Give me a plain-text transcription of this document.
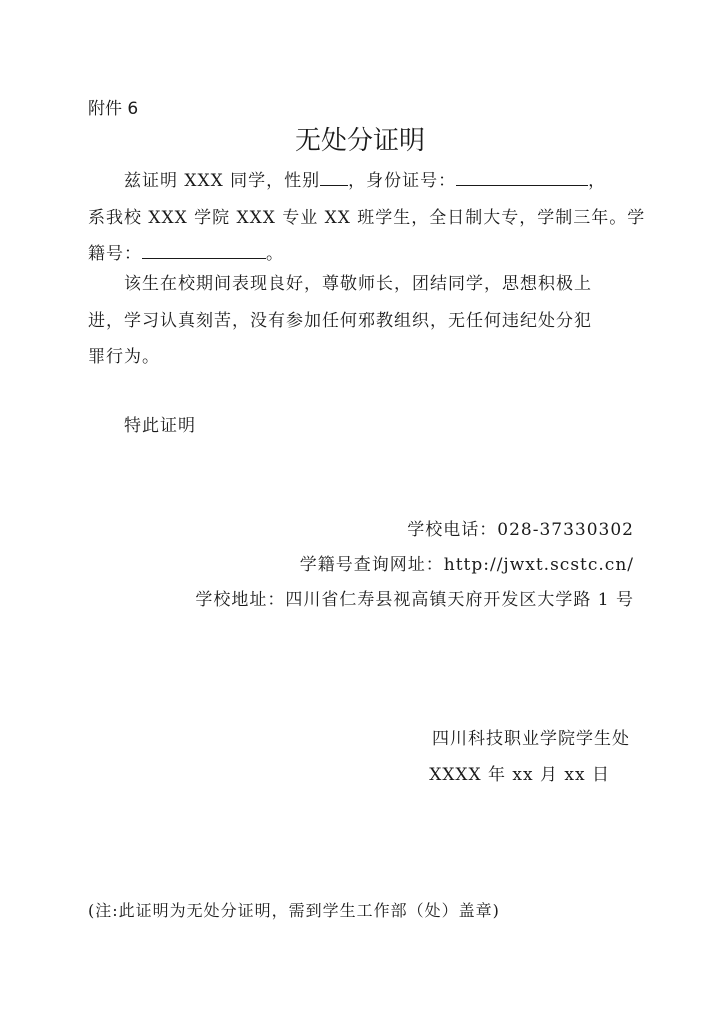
附件 6
无处分证明
兹证明 XXX 同学，性别 ，身份证号：	，
系我校 XXX 学院 XXX 专业 XX 班学生，全日制大专，学制三年。学
籍号：	。
该生在校期间表现良好，尊敬师长，团结同学，思想积极上
进，学习认真刻苦，没有参加任何邪教组织，无任何违纪处分犯
罪行为。
特此证明
学校电话：028-37330302
学籍号查询网址：http://jwxt.scstc.cn/
学校地址：四川省仁寿县视高镇天府开发区大学路 1 号
四川科技职业学院学生处
XXXX 年 xx 月 xx 日
(注:此证明为无处分证明，需到学生工作部（处）盖章)
